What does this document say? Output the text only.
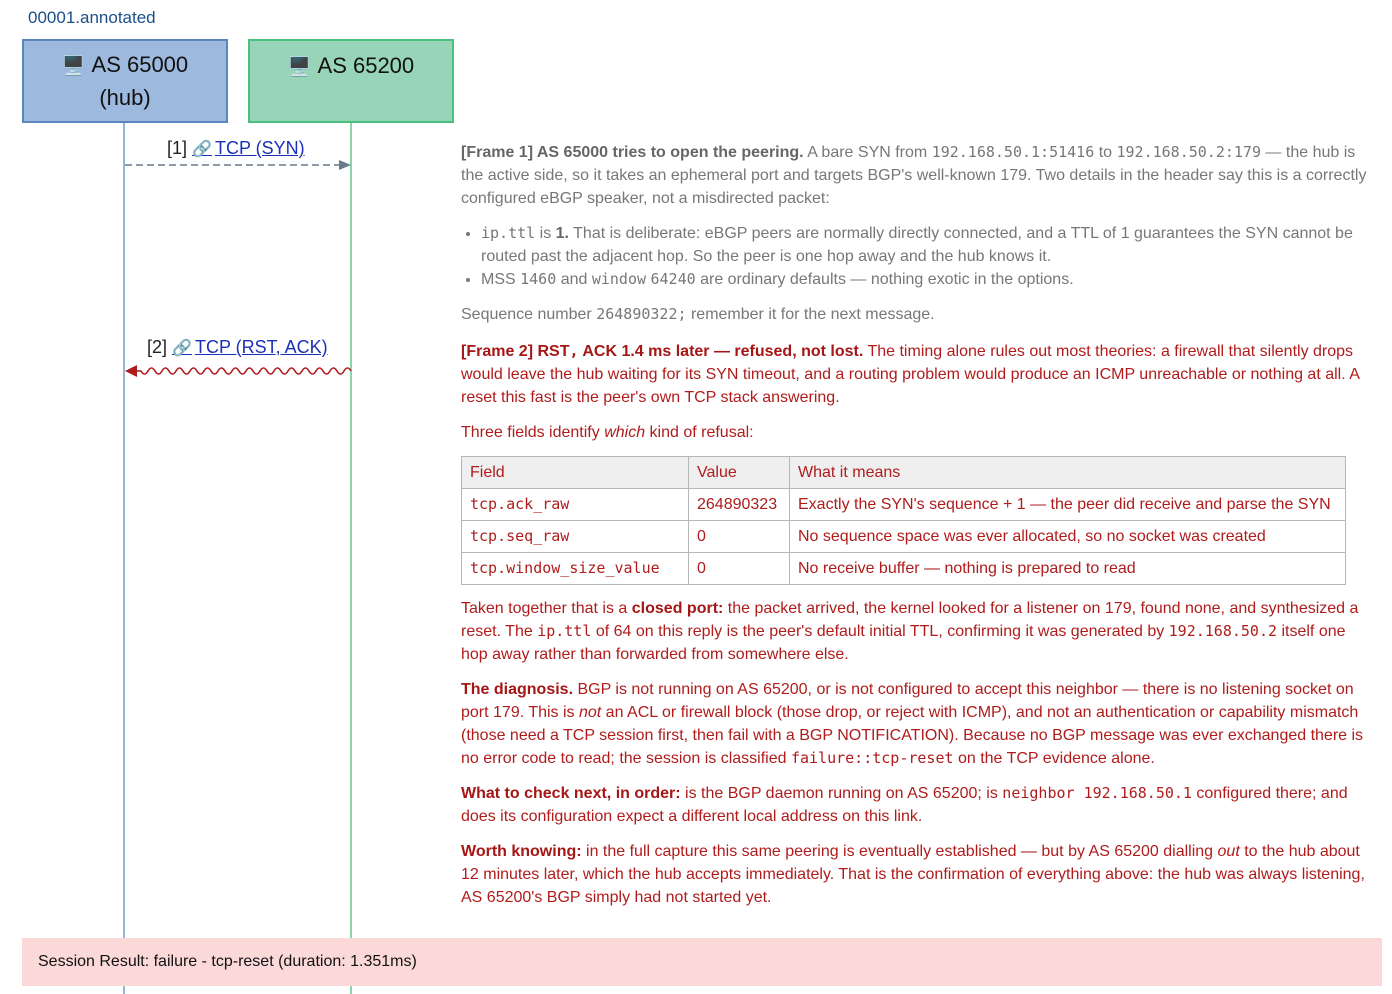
00001.annotated
🖥️ AS 65000
(hub)
🖥️ AS 65200
[1] 🔗 TCP (SYN)
[2] 🔗 TCP (RST, ACK)

[Frame 1] AS 65000 tries to open the peering. A bare SYN from 192.168.50.1:51416 to 192.168.50.2:179 — the hub is the active side, so it takes an ephemeral port and targets BGP's well-known 179. Two details in the header say this is a correctly configured eBGP speaker, not a misdirected packet:

• ip.ttl is 1. That is deliberate: eBGP peers are normally directly connected, and a TTL of 1 guarantees the SYN cannot be routed past the adjacent hop. So the peer is one hop away and the hub knows it.
• MSS 1460 and window 64240 are ordinary defaults — nothing exotic in the options.

Sequence number 264890322; remember it for the next message.

[Frame 2] RST, ACK 1.4 ms later — refused, not lost. The timing alone rules out most theories: a firewall that silently drops would leave the hub waiting for its SYN timeout, and a routing problem would produce an ICMP unreachable or nothing at all. A reset this fast is the peer's own TCP stack answering.

Three fields identify which kind of refusal:

Field	Value	What it means
tcp.ack_raw	264890323	Exactly the SYN's sequence + 1 — the peer did receive and parse the SYN
tcp.seq_raw	0	No sequence space was ever allocated, so no socket was created
tcp.window_size_value	0	No receive buffer — nothing is prepared to read

Taken together that is a closed port: the packet arrived, the kernel looked for a listener on 179, found none, and synthesized a reset. The ip.ttl of 64 on this reply is the peer's default initial TTL, confirming it was generated by 192.168.50.2 itself one hop away rather than forwarded from somewhere else.

The diagnosis. BGP is not running on AS 65200, or is not configured to accept this neighbor — there is no listening socket on port 179. This is not an ACL or firewall block (those drop, or reject with ICMP), and not an authentication or capability mismatch (those need a TCP session first, then fail with a BGP NOTIFICATION). Because no BGP message was ever exchanged there is no error code to read; the session is classified failure::tcp-reset on the TCP evidence alone.

What to check next, in order: is the BGP daemon running on AS 65200; is neighbor 192.168.50.1 configured there; and does its configuration expect a different local address on this link.

Worth knowing: in the full capture this same peering is eventually established — but by AS 65200 dialling out to the hub about 12 minutes later, which the hub accepts immediately. That is the confirmation of everything above: the hub was always listening, AS 65200's BGP simply had not started yet.

Session Result: failure - tcp-reset (duration: 1.351ms)
